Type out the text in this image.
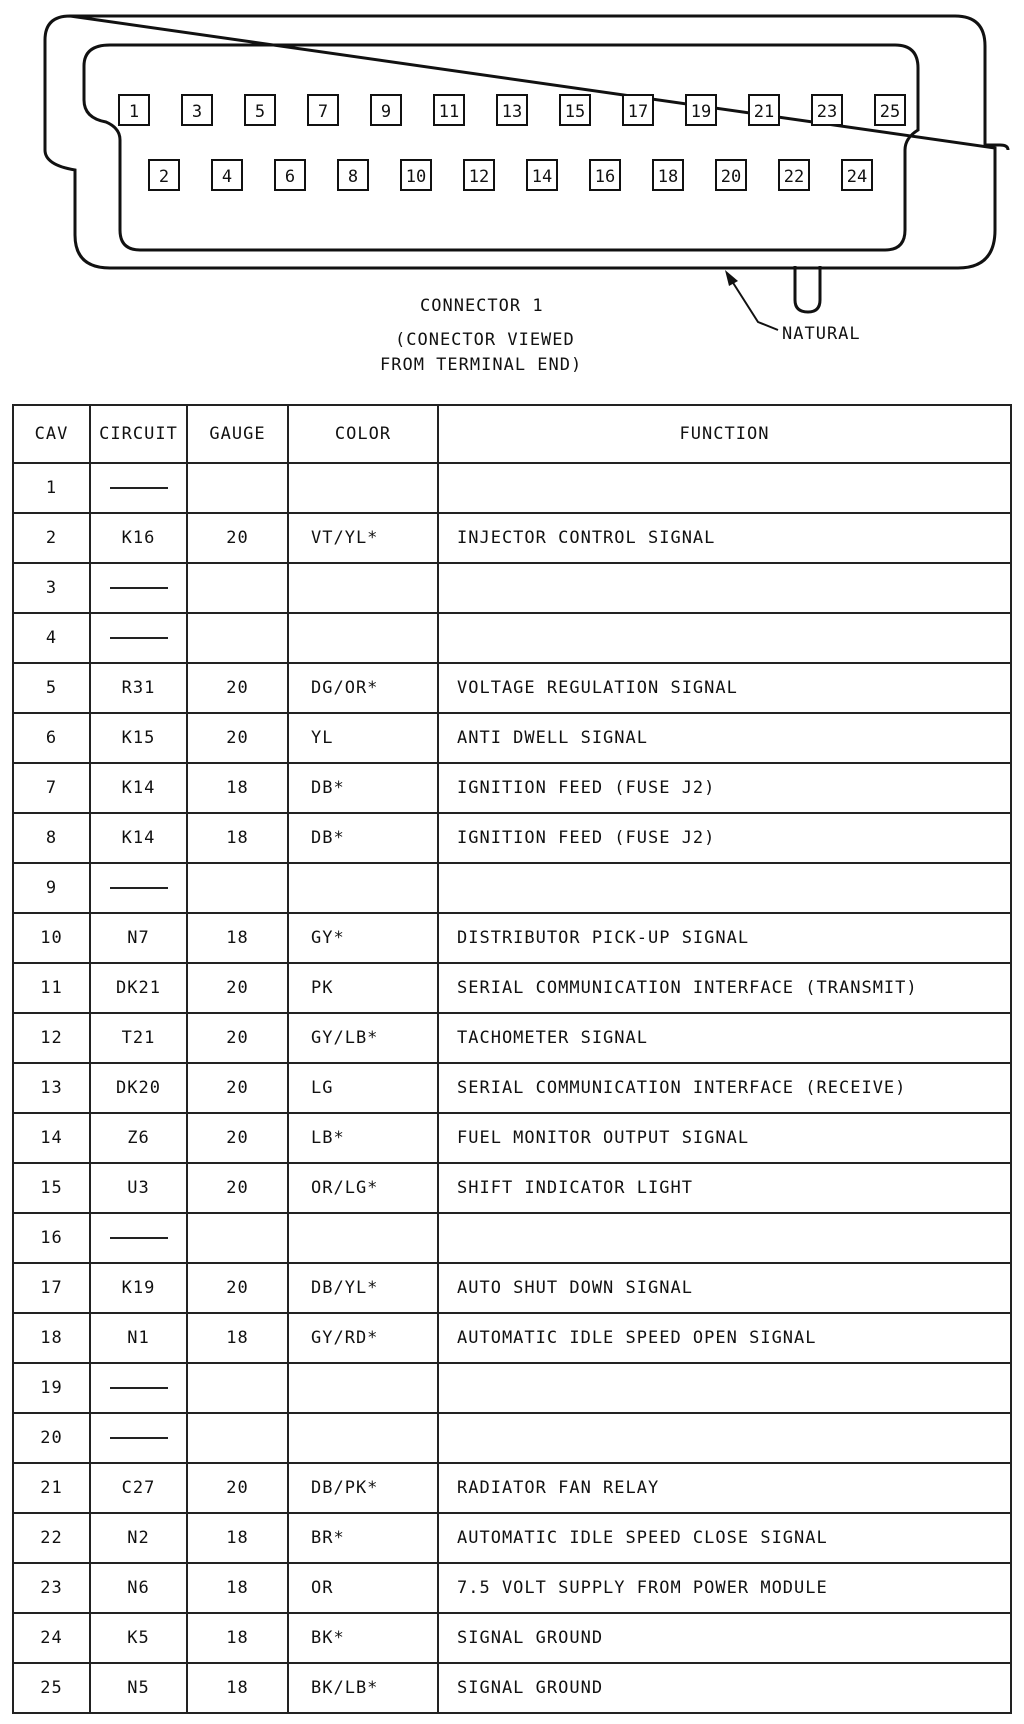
1	3	5	7	9	11	13	15	17	19	21	23	25
2	4	6	8	10	12	14	16	18	20	22	24
CONNECTOR 1
(CONECTOR VIEWED
FROM TERMINAL END)
NATURAL
CAV	CIRCUIT	GAUGE	COLOR	FUNCTION
1				
2	K16	20	VT/YL*	INJECTOR CONTROL SIGNAL
3				
4				
5	R31	20	DG/OR*	VOLTAGE REGULATION SIGNAL
6	K15	20	YL	ANTI DWELL SIGNAL
7	K14	18	DB*	IGNITION FEED (FUSE J2)
8	K14	18	DB*	IGNITION FEED (FUSE J2)
9				
10	N7	18	GY*	DISTRIBUTOR PICK-UP SIGNAL
11	DK21	20	PK	SERIAL COMMUNICATION INTERFACE (TRANSMIT)
12	T21	20	GY/LB*	TACHOMETER SIGNAL
13	DK20	20	LG	SERIAL COMMUNICATION INTERFACE (RECEIVE)
14	Z6	20	LB*	FUEL MONITOR OUTPUT SIGNAL
15	U3	20	OR/LG*	SHIFT INDICATOR LIGHT
16				
17	K19	20	DB/YL*	AUTO SHUT DOWN SIGNAL
18	N1	18	GY/RD*	AUTOMATIC IDLE SPEED OPEN SIGNAL
19				
20				
21	C27	20	DB/PK*	RADIATOR FAN RELAY
22	N2	18	BR*	AUTOMATIC IDLE SPEED CLOSE SIGNAL
23	N6	18	OR	7.5 VOLT SUPPLY FROM POWER MODULE
24	K5	18	BK*	SIGNAL GROUND
25	N5	18	BK/LB*	SIGNAL GROUND
